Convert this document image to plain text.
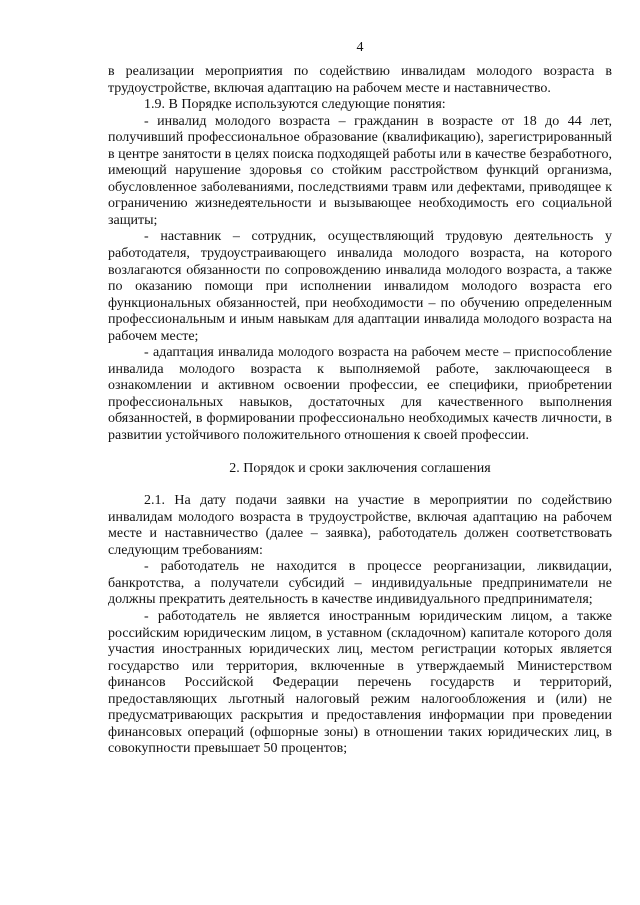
4

в реализации мероприятия по содействию инвалидам молодого возраста в трудоустройстве, включая адаптацию на рабочем месте и наставничество.

1.9. В Порядке используются следующие понятия:

- инвалид молодого возраста – гражданин в возрасте от 18 до 44 лет, получивший профессиональное образование (квалификацию), зарегистрированный в центре занятости в целях поиска подходящей работы или в качестве безработного, имеющий нарушение здоровья со стойким расстройством функций организма, обусловленное заболеваниями, последствиями травм или дефектами, приводящее к ограничению жизнедеятельности и вызывающее необходимость его социальной защиты;

- наставник – сотрудник, осуществляющий трудовую деятельность у работодателя, трудоустраивающего инвалида молодого возраста, на которого возлагаются обязанности по сопровождению инвалида молодого возраста, а также по оказанию помощи при исполнении инвалидом молодого возраста его функциональных обязанностей, при необходимости – по обучению определенным профессиональным и иным навыкам для адаптации инвалида молодого возраста на рабочем месте;

- адаптация инвалида молодого возраста на рабочем месте – приспособление инвалида молодого возраста к выполняемой работе, заключающееся в ознакомлении и активном освоении профессии, ее специфики, приобретении профессиональных навыков, достаточных для качественного выполнения обязанностей, в формировании профессионально необходимых качеств личности, в развитии устойчивого положительного отношения к своей профессии.

2. Порядок и сроки заключения соглашения

2.1. На дату подачи заявки на участие в мероприятии по содействию инвалидам молодого возраста в трудоустройстве, включая адаптацию на рабочем месте и наставничество (далее – заявка), работодатель должен соответствовать следующим требованиям:

- работодатель не находится в процессе реорганизации, ликвидации, банкротства, а получатели субсидий – индивидуальные предприниматели не должны прекратить деятельность в качестве индивидуального предпринимателя;

- работодатель не является иностранным юридическим лицом, а также российским юридическим лицом, в уставном (складочном) капитале которого доля участия иностранных юридических лиц, местом регистрации которых является государство или территория, включенные в утверждаемый Министерством финансов Российской Федерации перечень государств и территорий, предоставляющих льготный налоговый режим налогообложения и (или) не предусматривающих раскрытия и предоставления информации при проведении финансовых операций (офшорные зоны) в отношении таких юридических лиц, в совокупности превышает 50 процентов;
